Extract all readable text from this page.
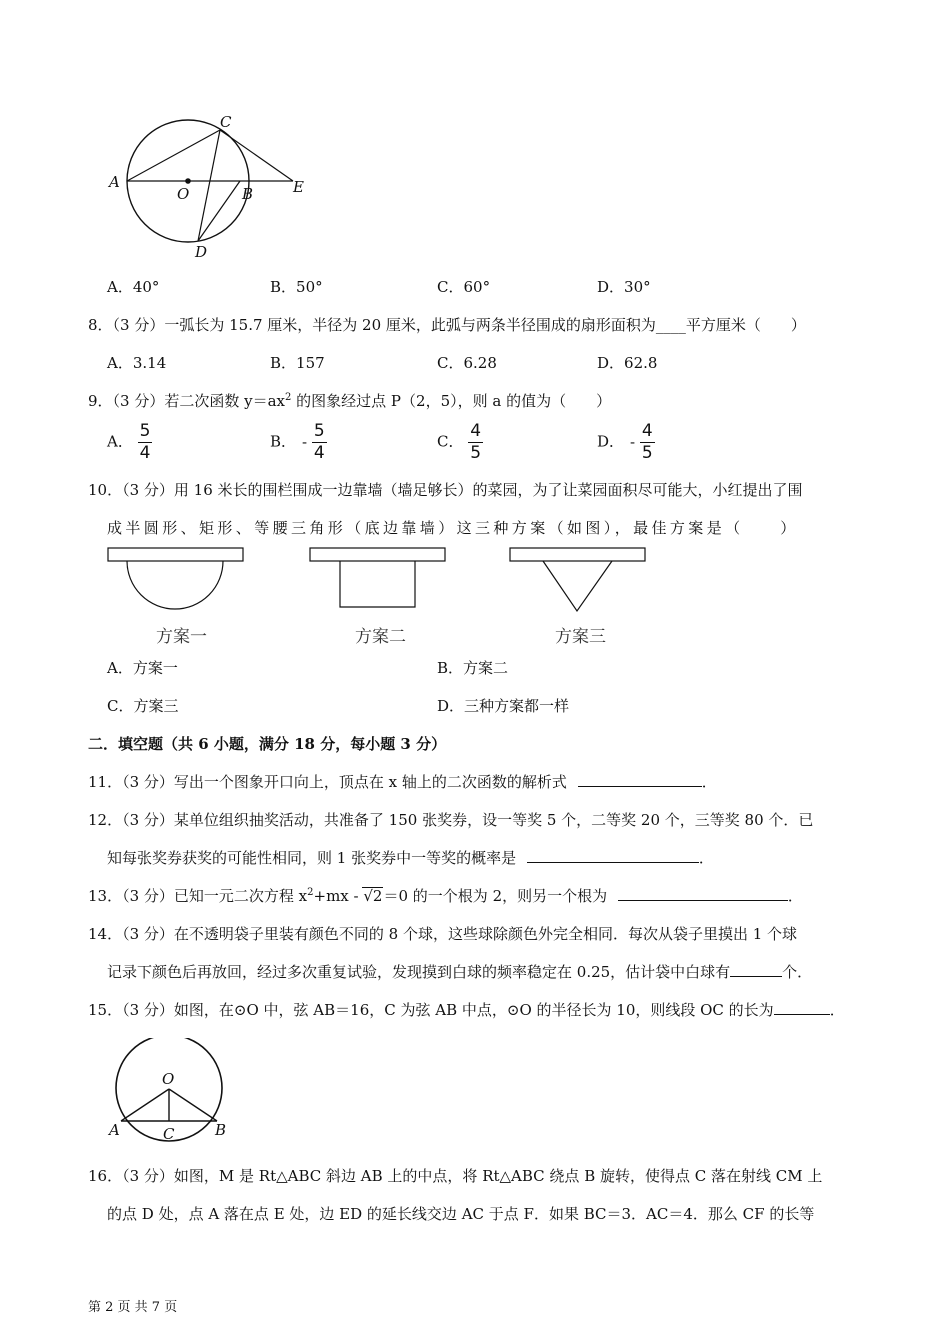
A
O	B
C
D
E
A．40°	B．50°	C．60°	D．30°
8．（3 分）一弧长为 15.7 厘米，半径为 20 厘米，此弧与两条半径围成的扇形面积为____平方厘米（　　）
A．3.14	B．157	C．6.28	D．62.8
9．（3 分）若二次函数 $y=ax^2$ 的图象经过点 P（2，5），则 a 的值为（　　）
A． $\frac{5}{4}$	B． - $\frac{5}{4}$	C． $\frac{4}{5}$	D． - $\frac{4}{5}$
10．（3 分）用 16 米长的围栏围成一边靠墙（墙足够长）的菜园，为了让菜园面积尽可能大，小红提出了围
成半圆形、矩形、等腰三角形（底边靠墙）这三种方案（如图），最佳方案是（　　）
方案一	方案二	方案三
A．方案一	B．方案二
C．方案三	D．三种方案都一样
二．填空题（共 6 小题，满分 18 分，每小题 3 分）
11．（3 分）写出一个图象开口向上，顶点在 x 轴上的二次函数的解析式	．
12．（3 分）某单位组织抽奖活动，共准备了 150 张奖券，设一等奖 5 个，二等奖 20 个，三等奖 80 个．已
知每张奖券获奖的可能性相同，则 1 张奖券中一等奖的概率是	．
13．（3 分）已知一元二次方程 $x^2+mx - √2=0$ 的一个根为 2，则另一个根为	．
14．（3 分）在不透明袋子里装有颜色不同的 8 个球，这些球除颜色外完全相同．每次从袋子里摸出 1 个球
记录下颜色后再放回，经过多次重复试验，发现摸到白球的频率稳定在 0.25，估计袋中白球有	个．
15．（3 分）如图，在⊙O 中，弦 AB＝16，C 为弦 AB 中点，⊙O 的半径长为 10，则线段 OC 的长为	．
O
A	C	B
16．（3 分）如图，M 是 Rt△ABC 斜边 AB 上的中点，将 Rt△ABC 绕点 B 旋转，使得点 C 落在射线 CM 上
的点 D 处，点 A 落在点 E 处，边 ED 的延长线交边 AC 于点 F．如果 BC＝3．AC＝4．那么 CF 的长等
第 2 页 共 7 页
